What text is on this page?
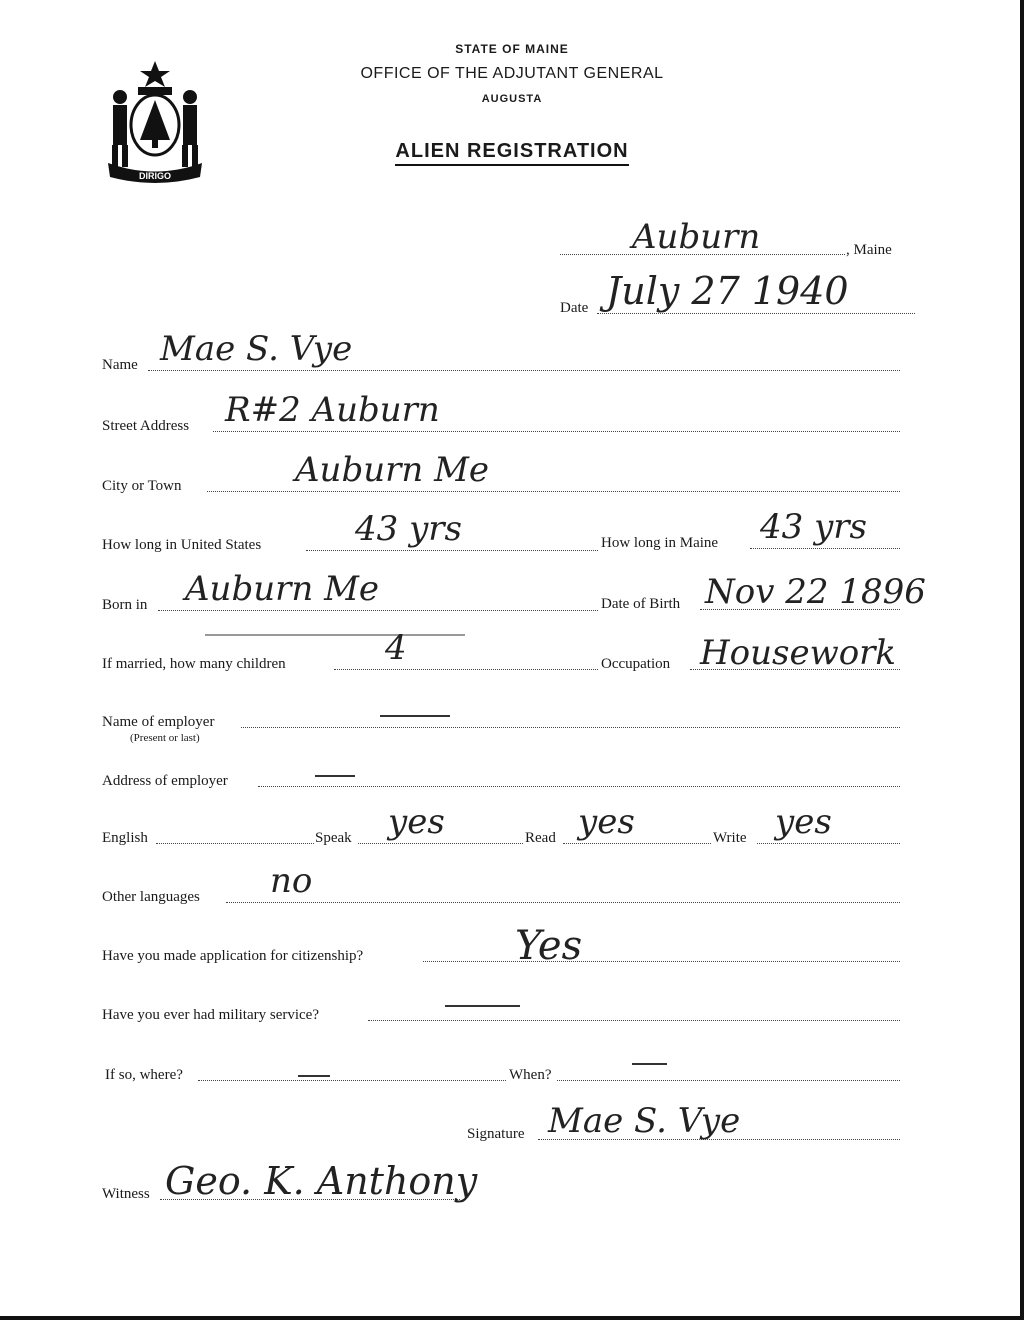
DIRIGO
STATE OF MAINE
OFFICE OF THE ADJUTANT GENERAL
AUGUSTA
ALIEN REGISTRATION
Auburn	, Maine
Date July 27 1940
Name Mae S. Vye
Street Address R#2 Auburn
City or Town	Auburn Me
How long in United States	43 yrs	How long in Maine 43 yrs
Born in Auburn Me	Date of Birth Nov 22 1896
If married, how many children	4	Occupation Housework
Name of employer
(Present or last)
Address of employer
English	Speak yes	Read yes	Write yes
Other languages no
Have you made application for citizenship?	Yes
Have you ever had military service?
If so, where?	When?
Signature Mae S. Vye
Witness Geo. K. Anthony
